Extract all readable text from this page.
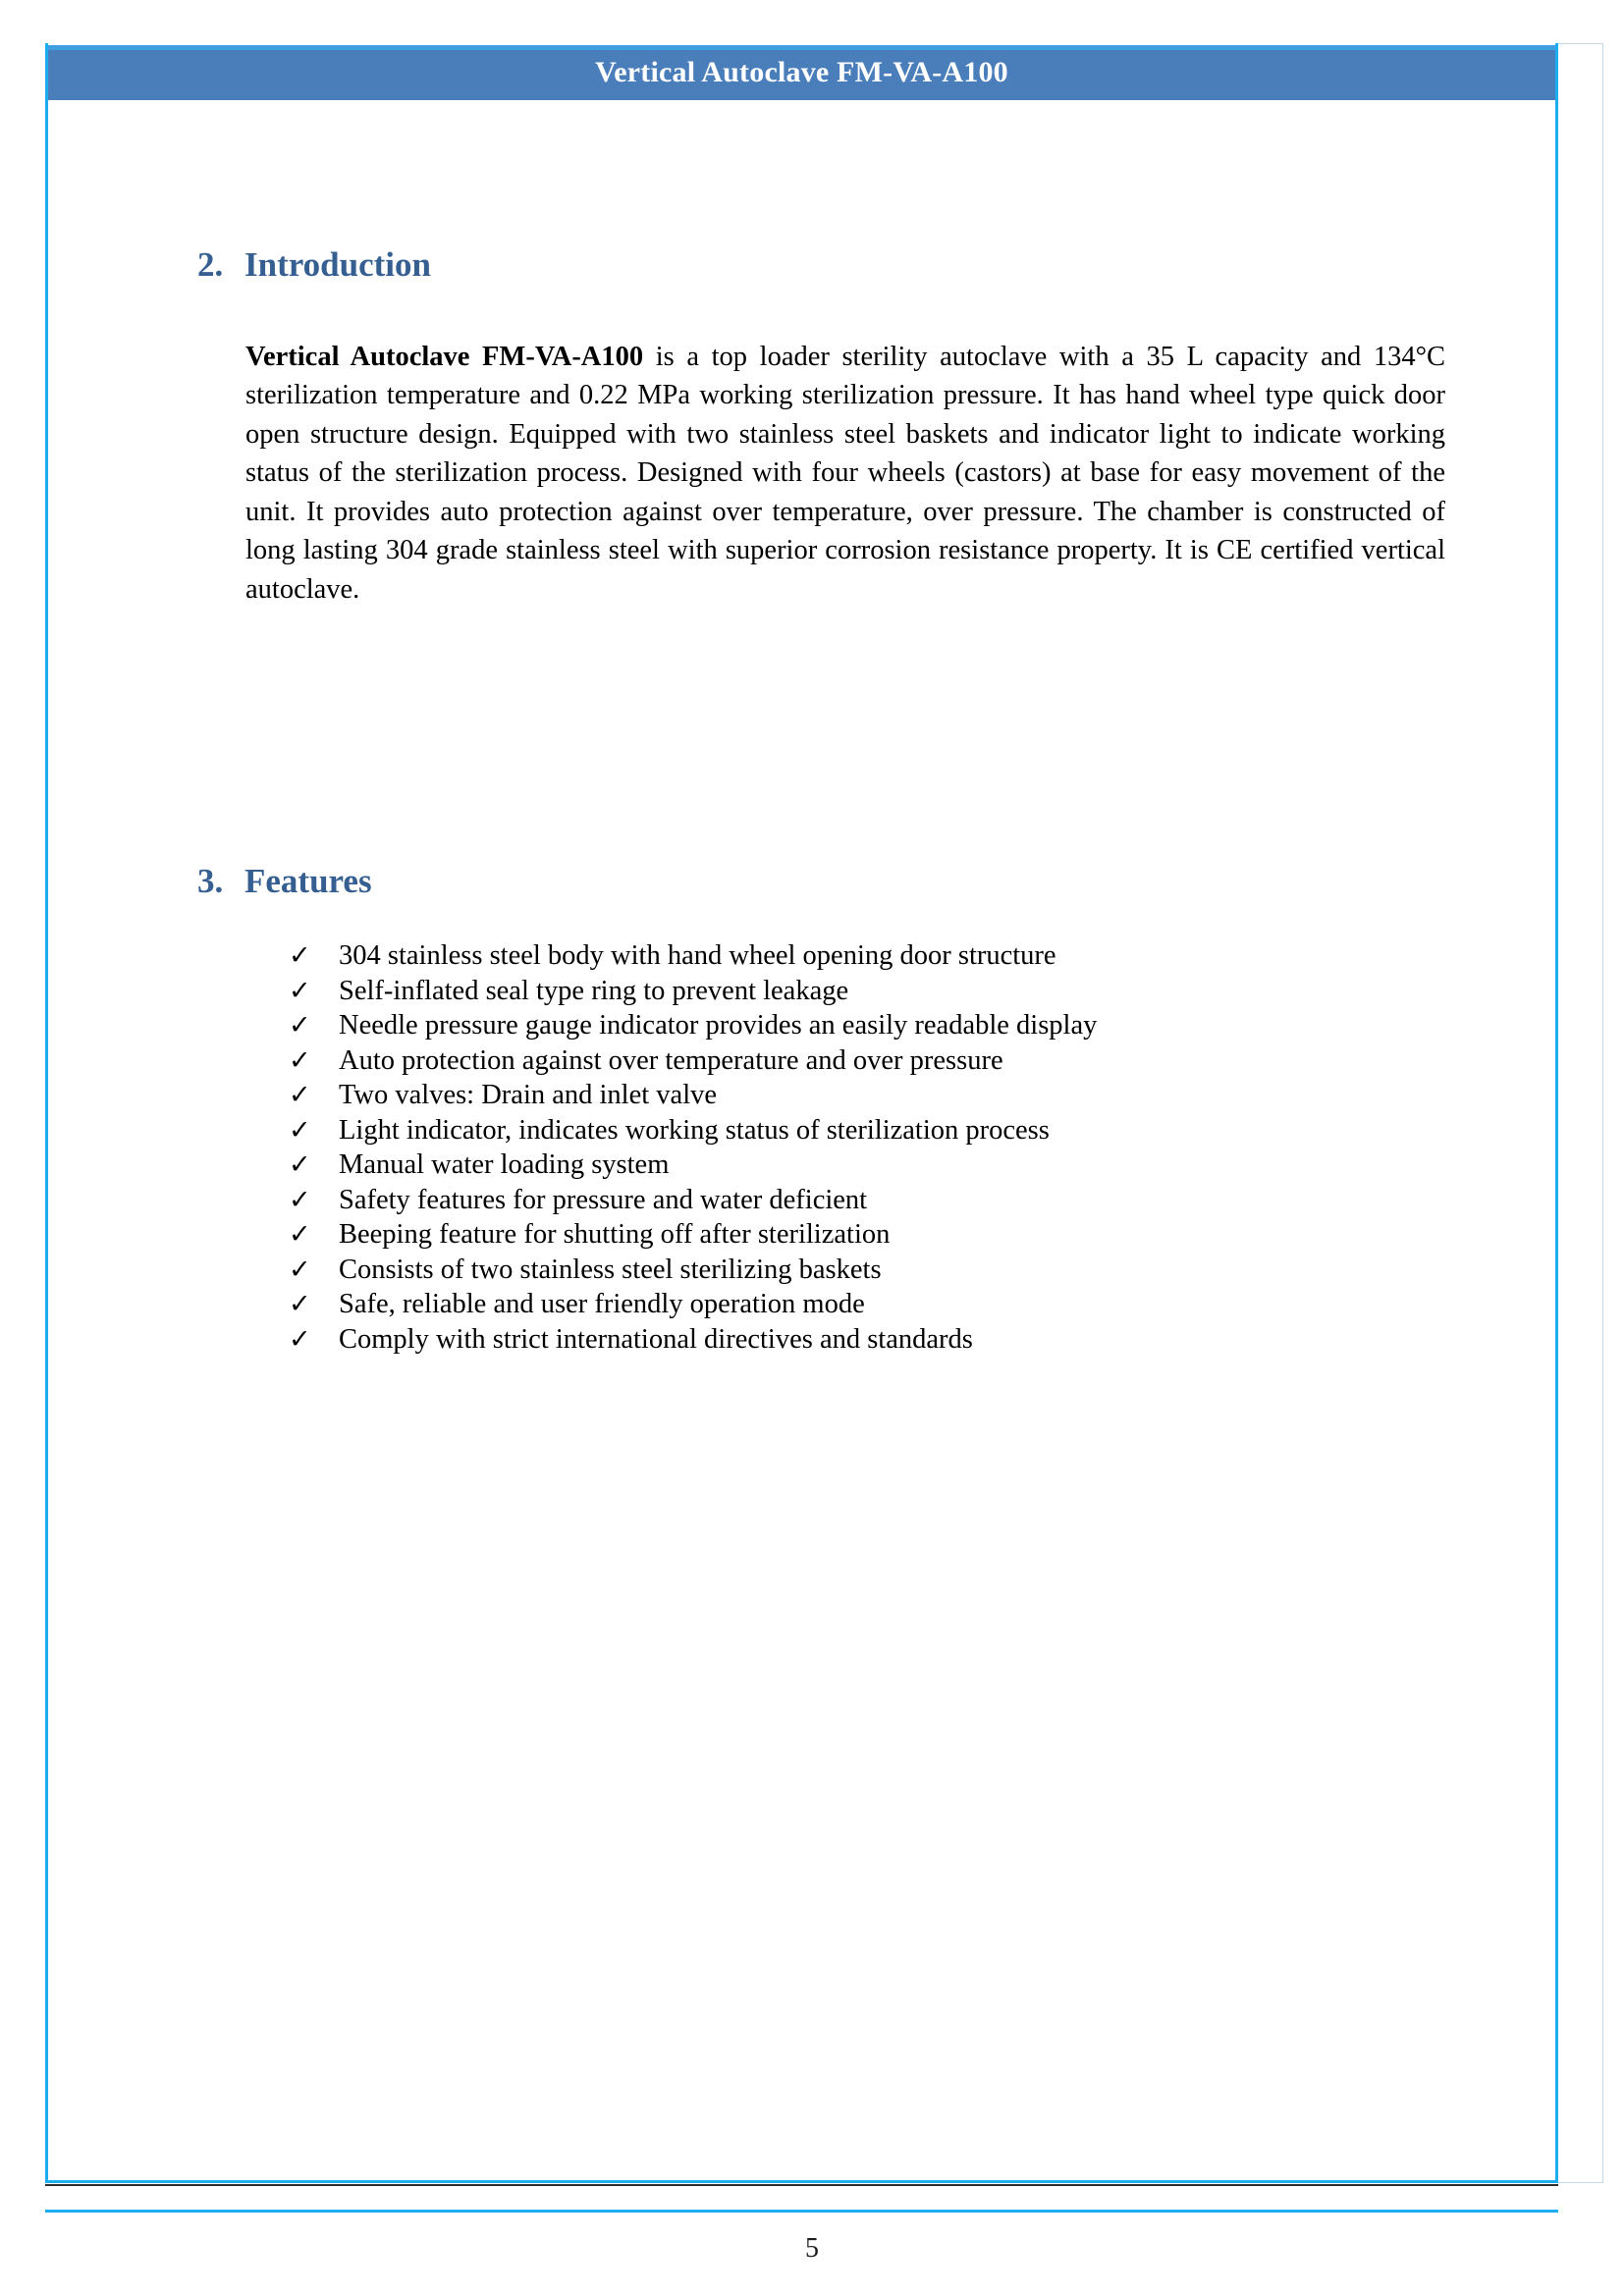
Vertical Autoclave FM-VA-A100
2. Introduction

Vertical Autoclave FM-VA-A100 is a top loader sterility autoclave with a 35 L capacity and 134°C sterilization temperature and 0.22 MPa working sterilization pressure. It has hand wheel type quick door open structure design. Equipped with two stainless steel baskets and indicator light to indicate working status of the sterilization process. Designed with four wheels (castors) at base for easy movement of the unit. It provides auto protection against over temperature, over pressure. The chamber is constructed of long lasting 304 grade stainless steel with superior corrosion resistance property. It is CE certified vertical autoclave.

3. Features
✓ 304 stainless steel body with hand wheel opening door structure
✓ Self-inflated seal type ring to prevent leakage
✓ Needle pressure gauge indicator provides an easily readable display
✓ Auto protection against over temperature and over pressure
✓ Two valves: Drain and inlet valve
✓ Light indicator, indicates working status of sterilization process
✓ Manual water loading system
✓ Safety features for pressure and water deficient
✓ Beeping feature for shutting off after sterilization
✓ Consists of two stainless steel sterilizing baskets
✓ Safe, reliable and user friendly operation mode
✓ Comply with strict international directives and standards
5
